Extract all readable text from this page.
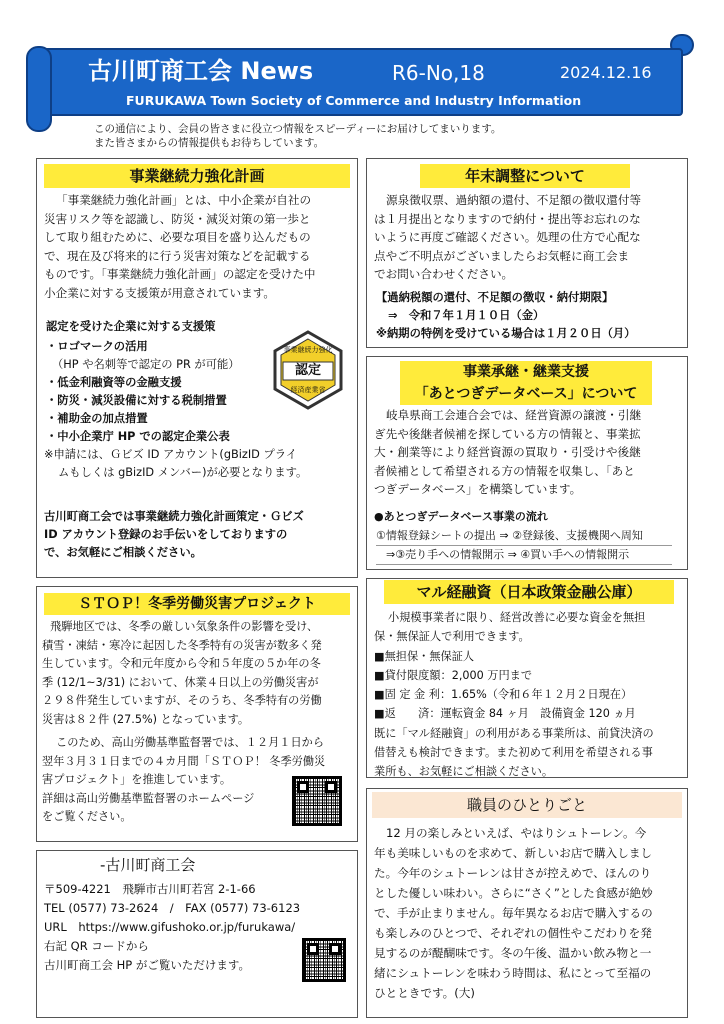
古川町商工会 News	R6-No,18	2024.12.16
FURUKAWA Town Society of Commerce and Industry Information
この通信により、会員の皆さまに役立つ情報をスピーディーにお届けしてまいります。
また皆さまからの情報提供もお待ちしています。
事業継続力強化計画
「事業継続力強化計画」とは、中小企業が自社の
災害リスク等を認識し、防災・減災対策の第一歩と
して取り組むために、必要な項目を盛り込んだもの
で、現在及び将来的に行う災害対策などを記載する
ものです。「事業継続力強化計画」の認定を受けた中
小企業に対する支援策が用意されています。
認定を受けた企業に対する支援策
・ロゴマークの活用
（HP や名刺等で認定の PR が可能）
・低金利融資等の金融支援
・防災・減災設備に対する税制措置
・補助金の加点措置
・中小企業庁 HP での認定企業公表
事業継続力強化
認定
経済産業省
※申請には、Ｇビズ ID アカウント(gBizID プライ
ムもしくは gBizID メンバー)が必要となります。
古川町商工会では事業継続力強化計画策定・Ｇビズ
ID アカウント登録のお手伝いをしておりますの
で、お気軽にご相談ください。
年末調整について
源泉徴収票、過納額の還付、不足額の徴収還付等
は１月提出となりますので納付・提出等お忘れのな
いように再度ご確認ください。処理の仕方で心配な
点やご不明点がございましたらお気軽に商工会ま
でお問い合わせください。
【過納税額の還付、不足額の徴収・納付期限】
⇒　令和７年１月１０日（金）
※納期の特例を受けている場合は１月２０日（月）
事業承継・継業支援
「あとつぎデータベース」について
岐阜県商工会連合会では、経営資源の譲渡・引継
ぎ先や後継者候補を探している方の情報と、事業拡
大・創業等により経営資源の買取り・引受けや後継
者候補として希望される方の情報を収集し、「あと
つぎデータベース」を構築しています。
●あとつぎデータベース事業の流れ
①情報登録シートの提出 ⇒ ②登録後、支援機関へ周知
⇒③売り手への情報開示 ⇒ ④買い手への情報開示
ＳＴＯＰ！冬季労働災害プロジェクト
飛騨地区では、冬季の厳しい気象条件の影響を受け、
積雪・凍結・寒冷に起因した冬季特有の災害が数多く発
生しています。令和元年度から令和５年度の５か年の冬
季 (12/1~3/31) において、休業４日以上の労働災害が
２９８件発生していますが、そのうち、冬季特有の労働
災害は８２件 (27.5%) となっています。
このため、高山労働基準監督署では、１２月１日から
翌年３月３１日までの４カ月間「ＳＴＯＰ！ 冬季労働災
害プロジェクト」を推進しています。
詳細は高山労働基準監督署のホームページ
をご覧ください。
マル経融資（日本政策金融公庫）
小規模事業者に限り、経営改善に必要な資金を無担
保・無保証人で利用できます。
■無担保・無保証人
■貸付限度額：2,000 万円まで
■固 定 金 利：1.65%（令和６年１２月２日現在）
■返　　済：運転資金 84 ヶ月　設備資金 120 ヵ月
既に「マル経融資」の利用がある事業所は、前貸決済の
借替えも検討できます。また初めて利用を希望される事
業所も、お気軽にご相談ください。
職員のひとりごと
12 月の楽しみといえば、やはりシュトーレン。今
年も美味しいものを求めて、新しいお店で購入しまし
た。今年のシュトーレンは甘さが控えめで、ほんのり
とした優しい味わい。さらに“さく”とした食感が絶妙
で、手が止まりません。毎年異なるお店で購入するの
も楽しみのひとつで、それぞれの個性やこだわりを発
見するのが醍醐味です。冬の午後、温かい飲み物と一
緒にシュトーレンを味わう時間は、私にとって至福の
ひとときです。(大)
-古川町商工会
〒509-4221　飛騨市古川町若宮 2-1-66
TEL (0577) 73-2624　/　FAX (0577) 73-6123
URL　https://www.gifushoko.or.jp/furukawa/
右記 QR コードから
古川町商工会 HP がご覧いただけます。
